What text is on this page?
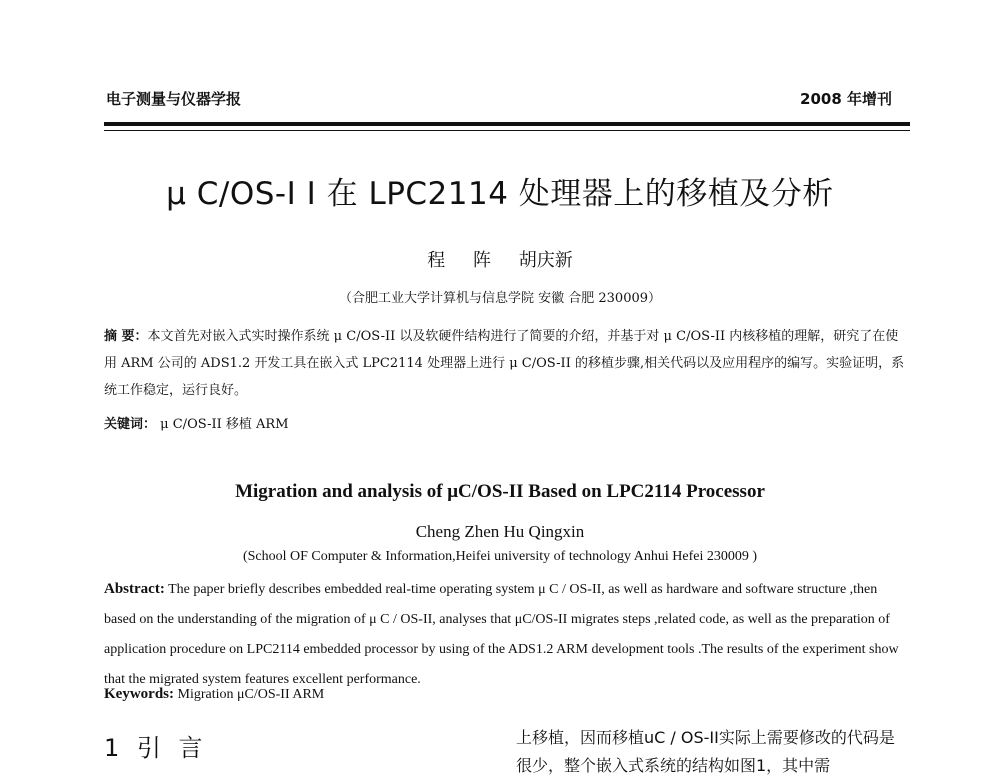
电子测量与仪器学报	2008 年增刊
μ C/OS-I I 在 LPC2114 处理器上的移植及分析
程 阵 胡庆新
（合肥工业大学计算机与信息学院 安徽 合肥 230009）
摘 要：本文首先对嵌入式实时操作系统 μ C/OS-II 以及软硬件结构进行了简要的介绍，并基于对 μ C/OS-II 内核移植的理解，研究了在使用 ARM 公司的 ADS1.2 开发工具在嵌入式 LPC2114 处理器上进行 μ C/OS-II 的移植步骤,相关代码以及应用程序的编写。实验证明，系统工作稳定，运行良好。
关键词： μ C/OS-II 移植 ARM
Migration and analysis of μC/OS-II Based on LPC2114 Processor
Cheng Zhen Hu Qingxin
(School OF Computer & Information,Heifei university of technology Anhui Hefei 230009 )
Abstract: The paper briefly describes embedded real-time operating system μ C / OS-II, as well as hardware and software structure ,then based on the understanding of the migration of μ C / OS-II, analyses that μC/OS-II migrates steps ,related code, as well as the preparation of application procedure on LPC2114 embedded processor by using of the ADS1.2 ARM development tools .The results of the experiment show that the migrated system features excellent performance.
Keywords: Migration μC/OS-II ARM
1 引 言	上移植，因而移植uC / OS-II实际上需要修改的代码是很少，整个嵌入式系统的结构如图1，其中需
